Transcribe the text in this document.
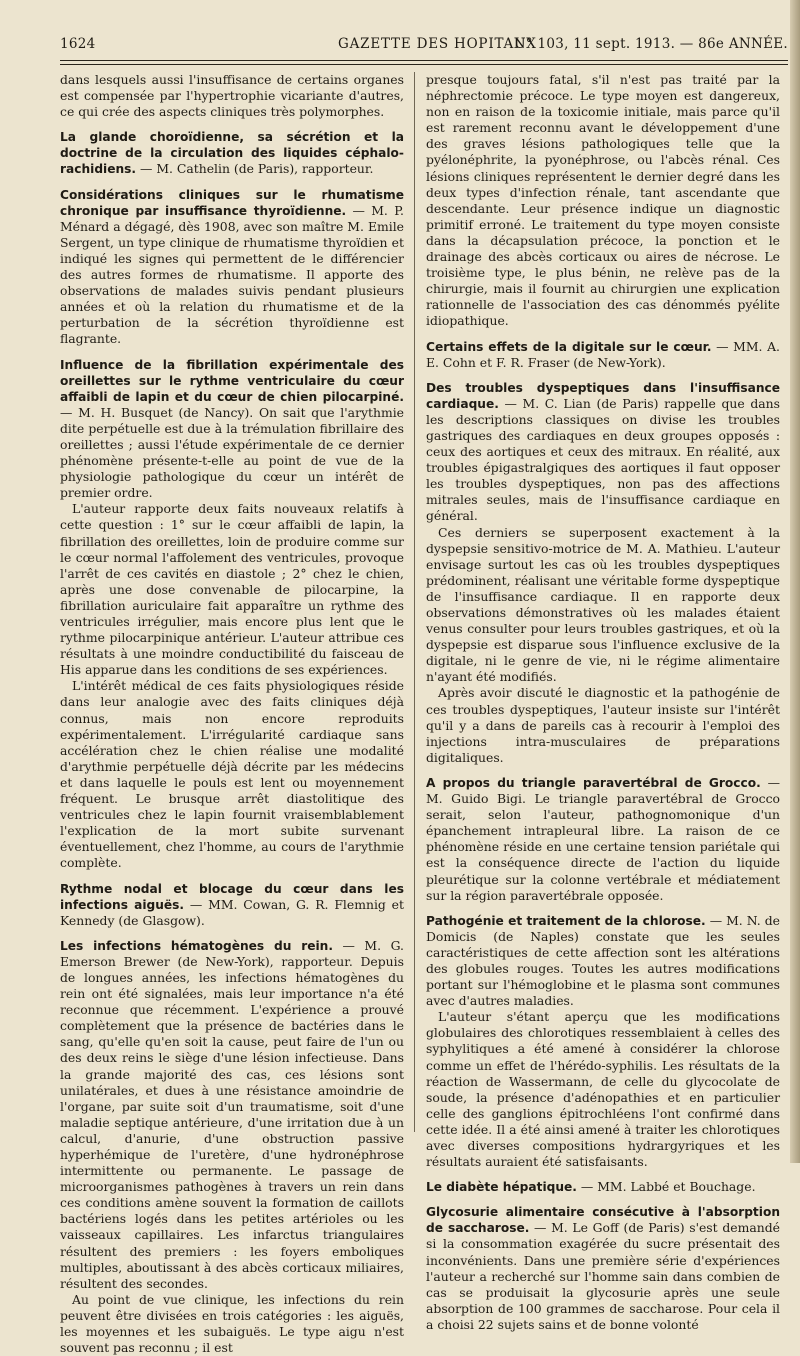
1624	GAZETTE DES HOPITAUX
N° 103, 11 sept. 1913. — 86e ANNÉE.

dans lesquels aussi l'insuffisance de certains organes est compensée par l'hypertrophie vicariante d'autres, ce qui crée des aspects cliniques très polymorphes.

La glande choroïdienne, sa sécrétion et la doctrine de la circulation des liquides céphalo-rachidiens. — M. Cathelin (de Paris), rapporteur.

Considérations cliniques sur le rhumatisme chronique par insuffisance thyroïdienne. — M. P. Ménard a dégagé, dès 1908, avec son maître M. Emile Sergent, un type clinique de rhumatisme thyroïdien et indiqué les signes qui permettent de le différencier des autres formes de rhumatisme. Il apporte des observations de malades suivis pendant plusieurs années et où la relation du rhumatisme et de la perturbation de la sécrétion thyroïdienne est flagrante.

Influence de la fibrillation expérimentale des oreillettes sur le rythme ventriculaire du cœur affaibli de lapin et du cœur de chien pilocarpiné. — M. H. Busquet (de Nancy). On sait que l'arythmie dite perpétuelle est due à la trémulation fibrillaire des oreillettes ; aussi l'étude expérimentale de ce dernier phénomène présente-t-elle au point de vue de la physiologie pathologique du cœur un intérêt de premier ordre.

L'auteur rapporte deux faits nouveaux relatifs à cette question : 1° sur le cœur affaibli de lapin, la fibrillation des oreillettes, loin de produire comme sur le cœur normal l'affolement des ventricules, provoque l'arrêt de ces cavités en diastole ; 2° chez le chien, après une dose convenable de pilocarpine, la fibrillation auriculaire fait apparaître un rythme des ventricules irrégulier, mais encore plus lent que le rythme pilocarpinique antérieur. L'auteur attribue ces résultats à une moindre conductibilité du faisceau de His apparue dans les conditions de ses expériences.

L'intérêt médical de ces faits physiologiques réside dans leur analogie avec des faits cliniques déjà connus, mais non encore reproduits expérimentalement. L'irrégularité cardiaque sans accélération chez le chien réalise une modalité d'arythmie perpétuelle déjà décrite par les médecins et dans laquelle le pouls est lent ou moyennement fréquent. Le brusque arrêt diastolitique des ventricules chez le lapin fournit vraisemblablement l'explication de la mort subite survenant éventuellement, chez l'homme, au cours de l'arythmie complète.

Rythme nodal et blocage du cœur dans les infections aiguës. — MM. Cowan, G. R. Flemnig et Kennedy (de Glasgow).

Les infections hématogènes du rein. — M. G. Emerson Brewer (de New-York), rapporteur. Depuis de longues années, les infections hématogènes du rein ont été signalées, mais leur importance n'a été reconnue que récemment. L'expérience a prouvé complètement que la présence de bactéries dans le sang, qu'elle qu'en soit la cause, peut faire de l'un ou des deux reins le siège d'une lésion infectieuse. Dans la grande majorité des cas, ces lésions sont unilatérales, et dues à une résistance amoindrie de l'organe, par suite soit d'un traumatisme, soit d'une maladie septique antérieure, d'une irritation due à un calcul, d'anurie, d'une obstruction passive hyperhémique de l'uretère, d'une hydronéphrose intermittente ou permanente. Le passage de microorganismes pathogènes à travers un rein dans ces conditions amène souvent la formation de caillots bactériens logés dans les petites artérioles ou les vaisseaux capillaires. Les infarctus triangulaires résultent des premiers : les foyers emboliques multiples, aboutissant à des abcès corticaux miliaires, résultent des secondes.

Au point de vue clinique, les infections du rein peuvent être divisées en trois catégories : les aiguës, les moyennes et les subaiguës. Le type aigu n'est souvent pas reconnu ; il est

presque toujours fatal, s'il n'est pas traité par la néphrectomie précoce. Le type moyen est dangereux, non en raison de la toxicomie initiale, mais parce qu'il est rarement reconnu avant le développement d'une des graves lésions pathologiques telle que la pyélonéphrite, la pyonéphrose, ou l'abcès rénal. Ces lésions cliniques représentent le dernier degré dans les deux types d'infection rénale, tant ascendante que descendante. Leur présence indique un diagnostic primitif erroné. Le traitement du type moyen consiste dans la décapsulation précoce, la ponction et le drainage des abcès corticaux ou aires de nécrose. Le troisième type, le plus bénin, ne relève pas de la chirurgie, mais il fournit au chirurgien une explication rationnelle de l'association des cas dénommés pyélite idiopathique.

Certains effets de la digitale sur le cœur. — MM. A. E. Cohn et F. R. Fraser (de New-York).

Des troubles dyspeptiques dans l'insuffisance cardiaque. — M. C. Lian (de Paris) rappelle que dans les descriptions classiques on divise les troubles gastriques des cardiaques en deux groupes opposés : ceux des aortiques et ceux des mitraux. En réalité, aux troubles épigastralgiques des aortiques il faut opposer les troubles dyspeptiques, non pas des affections mitrales seules, mais de l'insuffisance cardiaque en général.

Ces derniers se superposent exactement à la dyspepsie sensitivo-motrice de M. A. Mathieu. L'auteur envisage surtout les cas où les troubles dyspeptiques prédominent, réalisant une véritable forme dyspeptique de l'insuffisance cardiaque. Il en rapporte deux observations démonstratives où les malades étaient venus consulter pour leurs troubles gastriques, et où la dyspepsie est disparue sous l'influence exclusive de la digitale, ni le genre de vie, ni le régime alimentaire n'ayant été modifiés.

Après avoir discuté le diagnostic et la pathogénie de ces troubles dyspeptiques, l'auteur insiste sur l'intérêt qu'il y a dans de pareils cas à recourir à l'emploi des injections intra-musculaires de préparations digitaliques.

A propos du triangle paravertébral de Grocco. — M. Guido Bigi. Le triangle paravertébral de Grocco serait, selon l'auteur, pathognomonique d'un épanchement intrapleural libre. La raison de ce phénomène réside en une certaine tension pariétale qui est la conséquence directe de l'action du liquide pleurétique sur la colonne vertébrale et médiatement sur la région paravertébrale opposée.

Pathogénie et traitement de la chlorose. — M. N. de Domicis (de Naples) constate que les seules caractéristiques de cette affection sont les altérations des globules rouges. Toutes les autres modifications portant sur l'hémoglobine et le plasma sont communes avec d'autres maladies.

L'auteur s'étant aperçu que les modifications globulaires des chlorotiques ressemblaient à celles des syphylitiques a été amené à considérer la chlorose comme un effet de l'hérédo-syphilis. Les résultats de la réaction de Wassermann, de celle du glycocolate de soude, la présence d'adénopathies et en particulier celle des ganglions épitrochléens l'ont confirmé dans cette idée. Il a été ainsi amené à traiter les chlorotiques avec diverses compositions hydrargyriques et les résultats auraient été satisfaisants.

Le diabète hépatique. — MM. Labbé et Bouchage.

Glycosurie alimentaire consécutive à l'absorption de saccharose. — M. Le Goff (de Paris) s'est demandé si la consommation exagérée du sucre présentait des inconvénients. Dans une première série d'expériences l'auteur a recherché sur l'homme sain dans combien de cas se produisait la glycosurie après une seule absorption de 100 grammes de saccharose. Pour cela il a choisi 22 sujets sains et de bonne volonté
